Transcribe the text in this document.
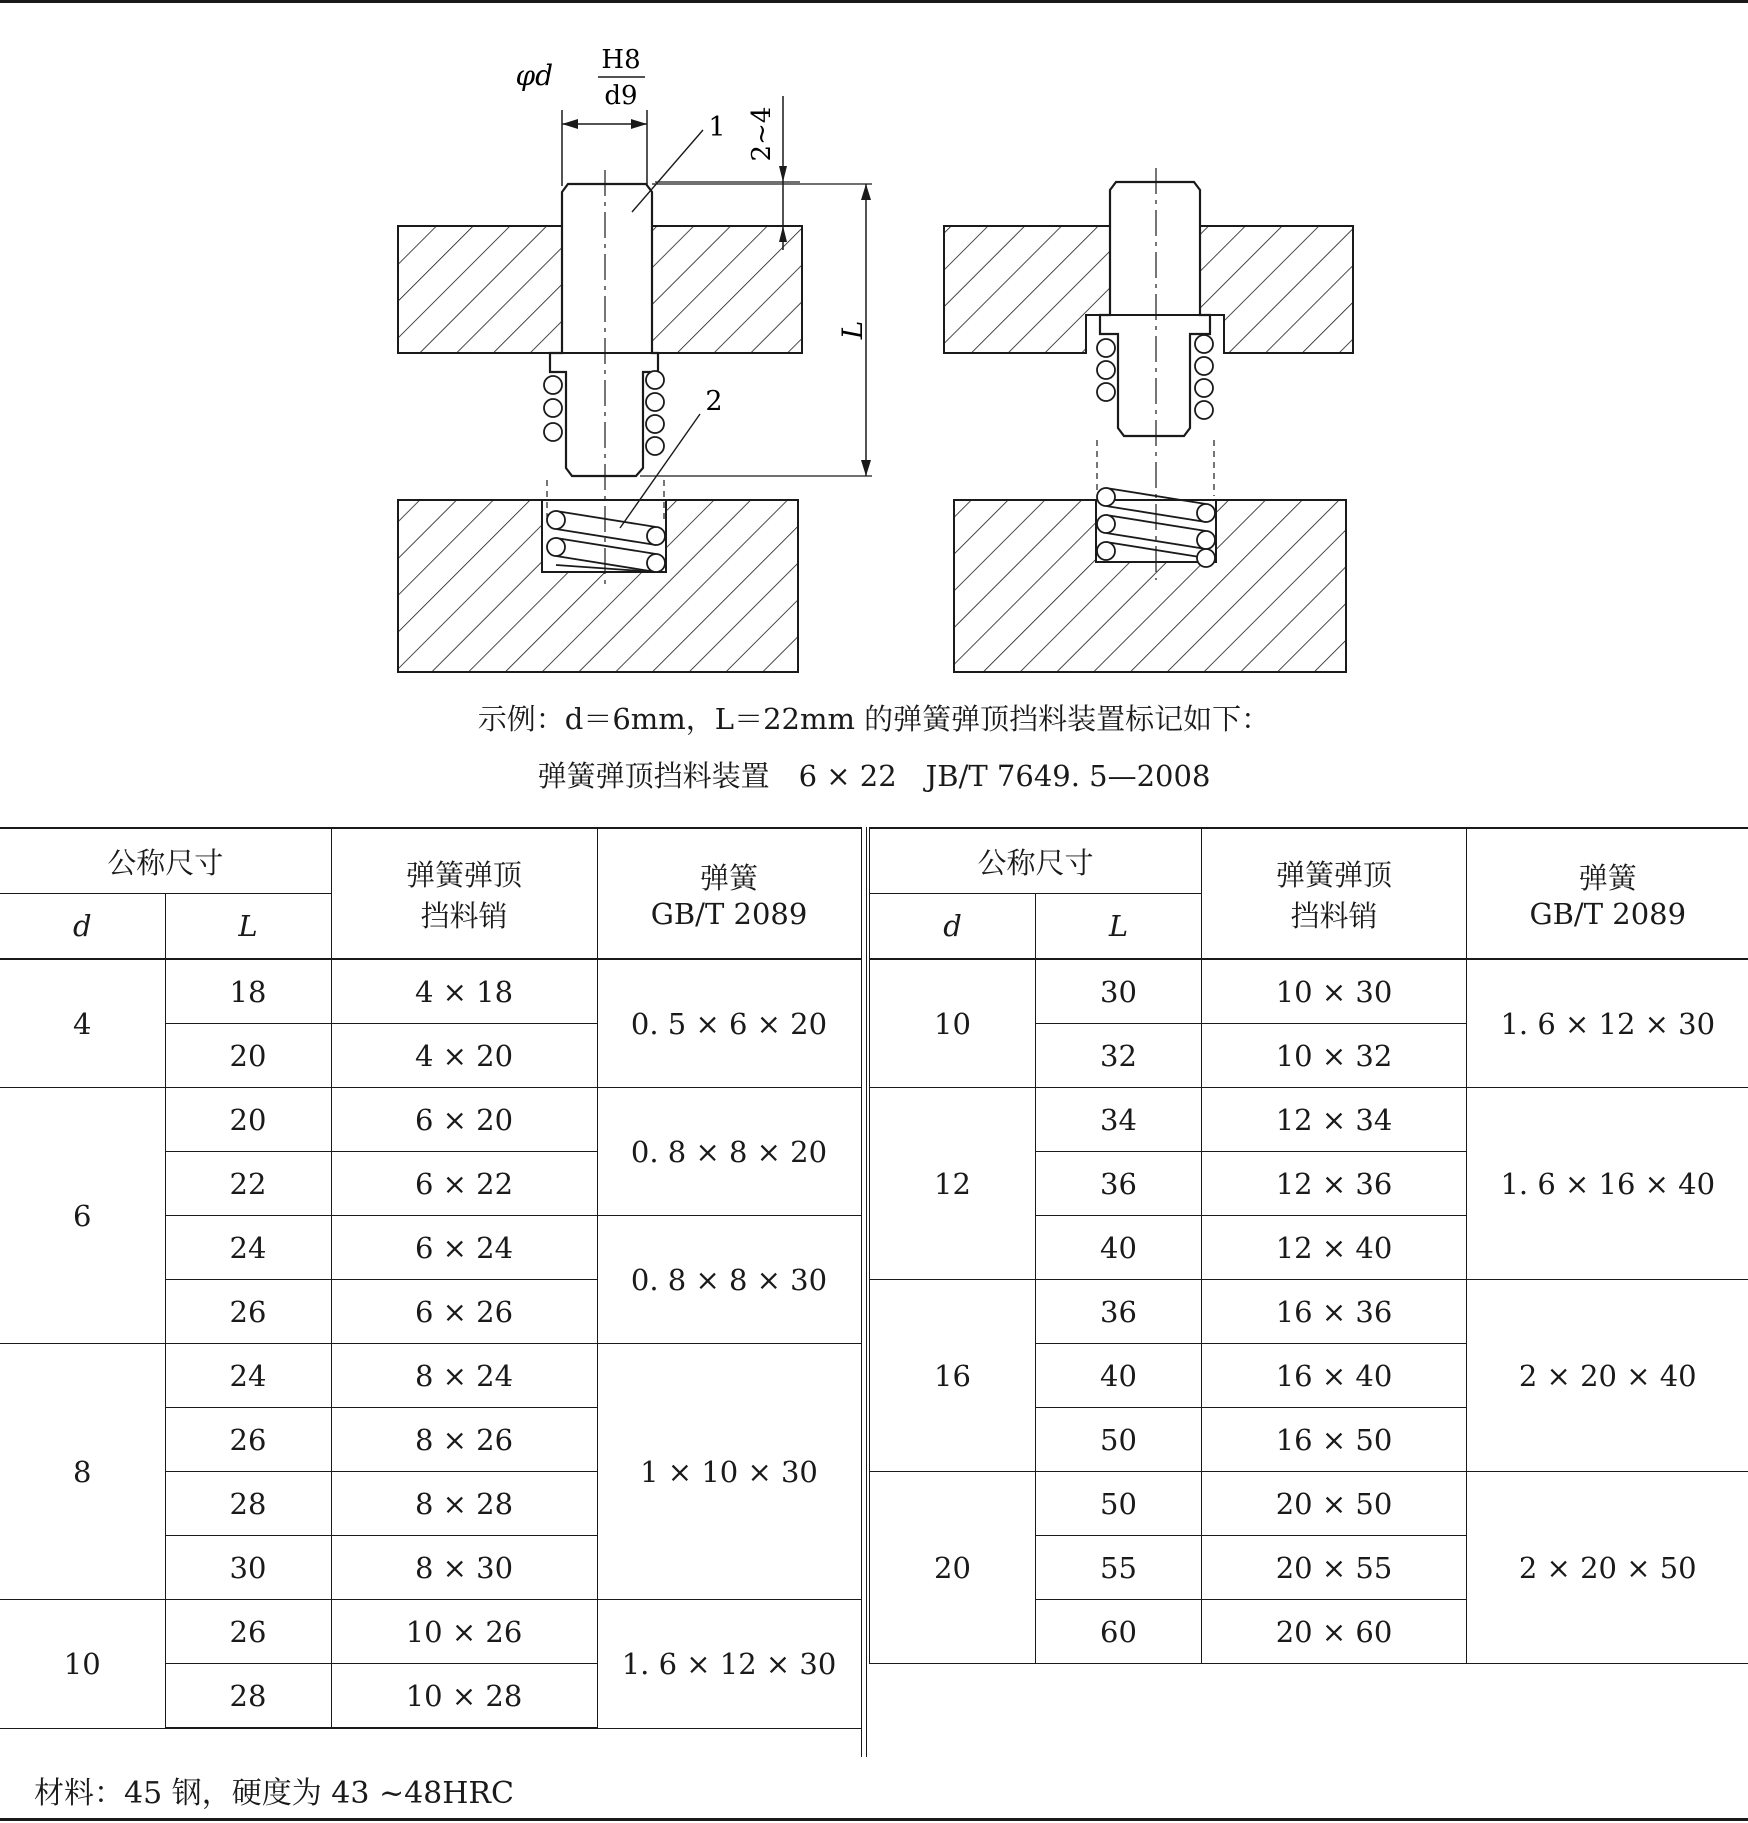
φd H8
d9
2~4
L
1
2
示例：d＝6mm，L＝22mm 的弹簧弹顶挡料装置标记如下：
弹簧弹顶挡料装置　6 × 22　JB/T 7649. 5—2008
公称尺寸		弹簧弹顶
挡料销	弹簧
GB/T 2089
d	L		
4	18	4 × 18	0. 5 × 6 × 20
	20	4 × 20	
6	20	6 × 20	0. 8 × 8 × 20
	22	6 × 22	
	24	6 × 24	0. 8 × 8 × 30
	26	6 × 26	
8	24	8 × 24	1 × 10 × 30
	26	8 × 26	
	28	8 × 28	
	30	8 × 30	
10	26	10 × 26	1. 6 × 12 × 30
	28	10 × 28	
公称尺寸		弹簧弹顶
挡料销	弹簧
GB/T 2089
d	L		
10	30	10 × 30	1. 6 × 12 × 30
	32	10 × 32	
12	34	12 × 34	1. 6 × 16 × 40
	36	12 × 36	
	40	12 × 40	
16	36	16 × 36	2 × 20 × 40
	40	16 × 40	
	50	16 × 50	
20	50	20 × 50	2 × 20 × 50
	55	20 × 55	
	60	20 × 60	

材料：45 钢，硬度为 43 ~48HRC
